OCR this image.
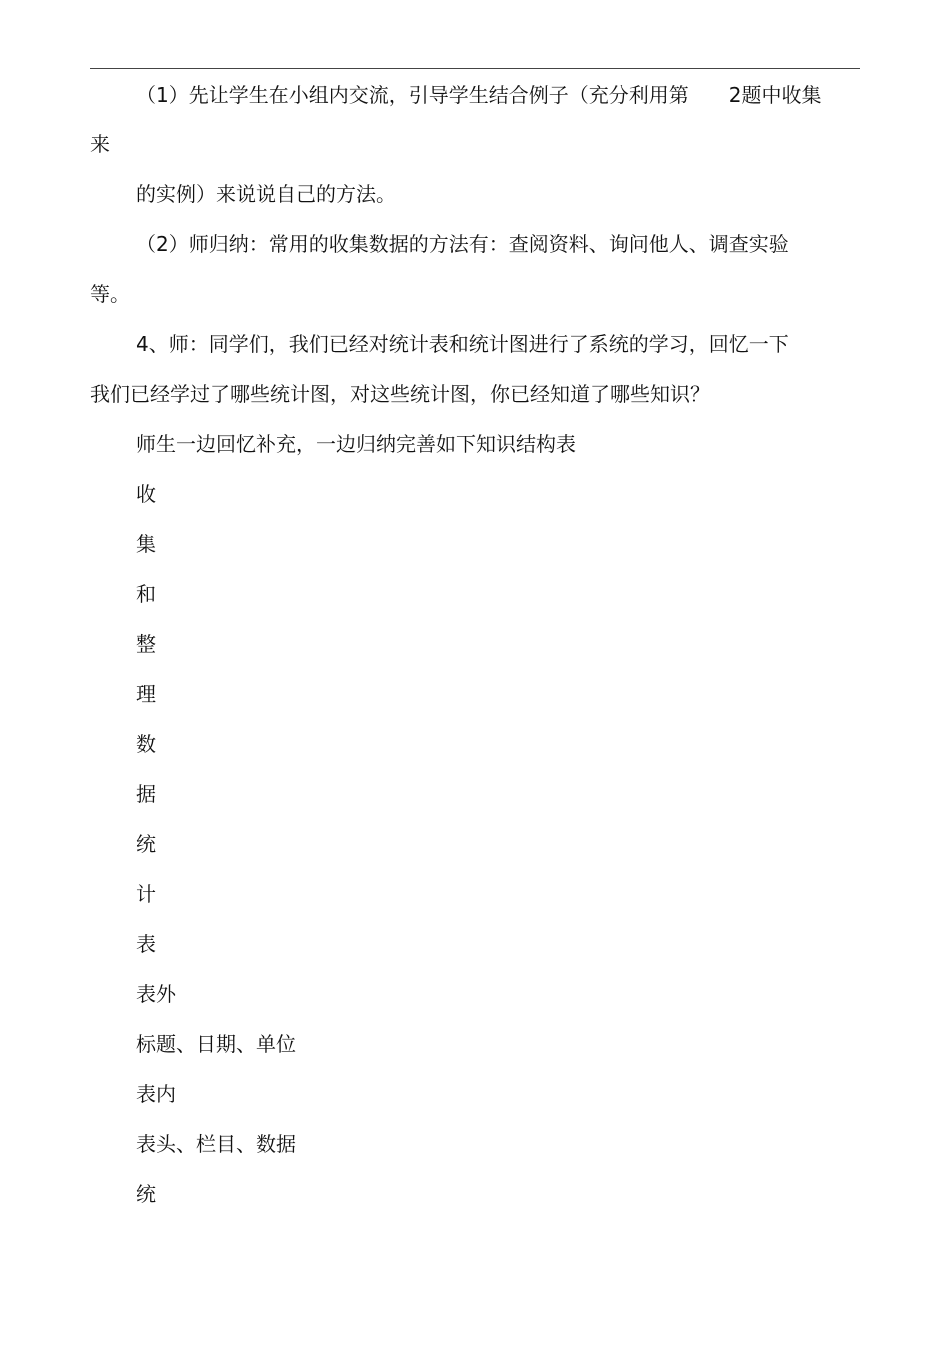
（1）先让学生在小组内交流，引导学生结合例子（充分利用第 2题中收集
来
的实例）来说说自己的方法。
（2）师归纳：常用的收集数据的方法有：查阅资料、询问他人、调查实验
等。
4、师：同学们，我们已经对统计表和统计图进行了系统的学习，回忆一下
我们已经学过了哪些统计图，对这些统计图，你已经知道了哪些知识？
师生一边回忆补充，一边归纳完善如下知识结构表
收
集
和
整
理
数
据
统
计
表
表外
标题、日期、单位
表内
表头、栏目、数据
统
